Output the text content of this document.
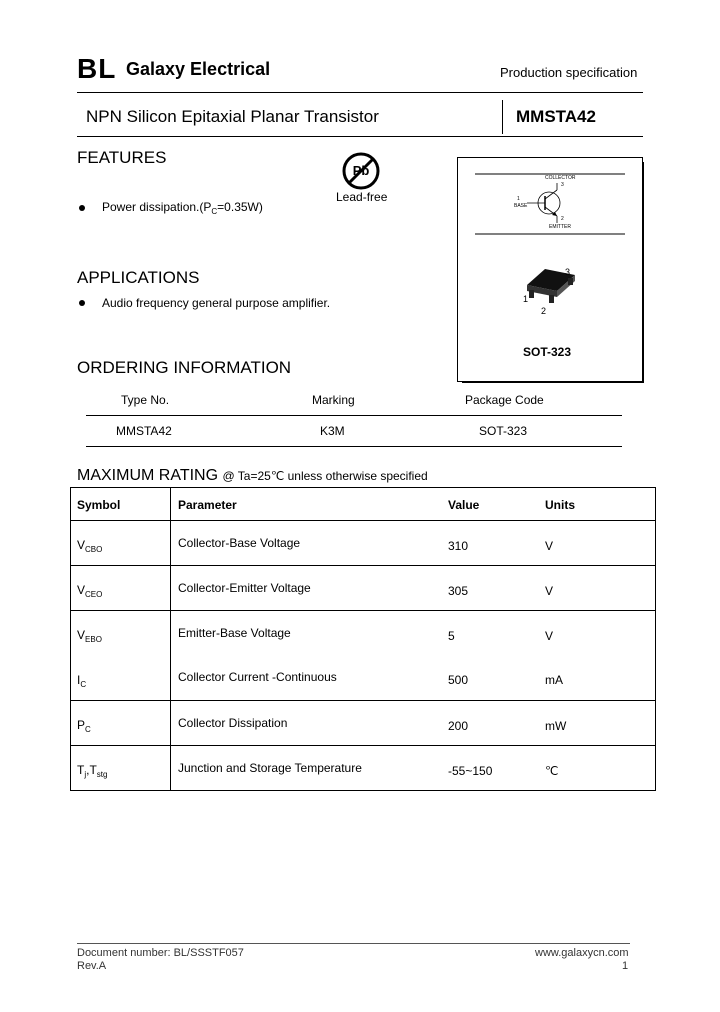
BL Galaxy Electrical	Production specification
NPN Silicon Epitaxial Planar Transistor	MMSTA42
FEATURES
Power $dissipation.(P_C=0.35W)$
Pb
Lead-free
COLLECTOR
3
1
BASE
2
EMITTER
3
1
2
SOT-323
APPLICATIONS
Audio frequency general purpose amplifier.
ORDERING INFORMATION
Type No.	Marking	Package Code
MMSTA42	K3M	SOT-323
MAXIMUM RATING @ Ta=25℃ unless otherwise specified
Symbol	Parameter	Value	Units
$V_{CBO}$	Collector-Base Voltage	310	V
$V_{CEO}$	Collector-Emitter Voltage	305	V
$V_{EBO}$	Emitter-Base Voltage	5	V
$I_C$	Collector Current -Continuous	500	mA
$P_C$	Collector Dissipation	200	mW
$T_j,T_{stg}$	Junction and Storage Temperature	-55~150	℃
Document number: BL/SSSTF057
Rev.A
www.galaxycn.com
1
